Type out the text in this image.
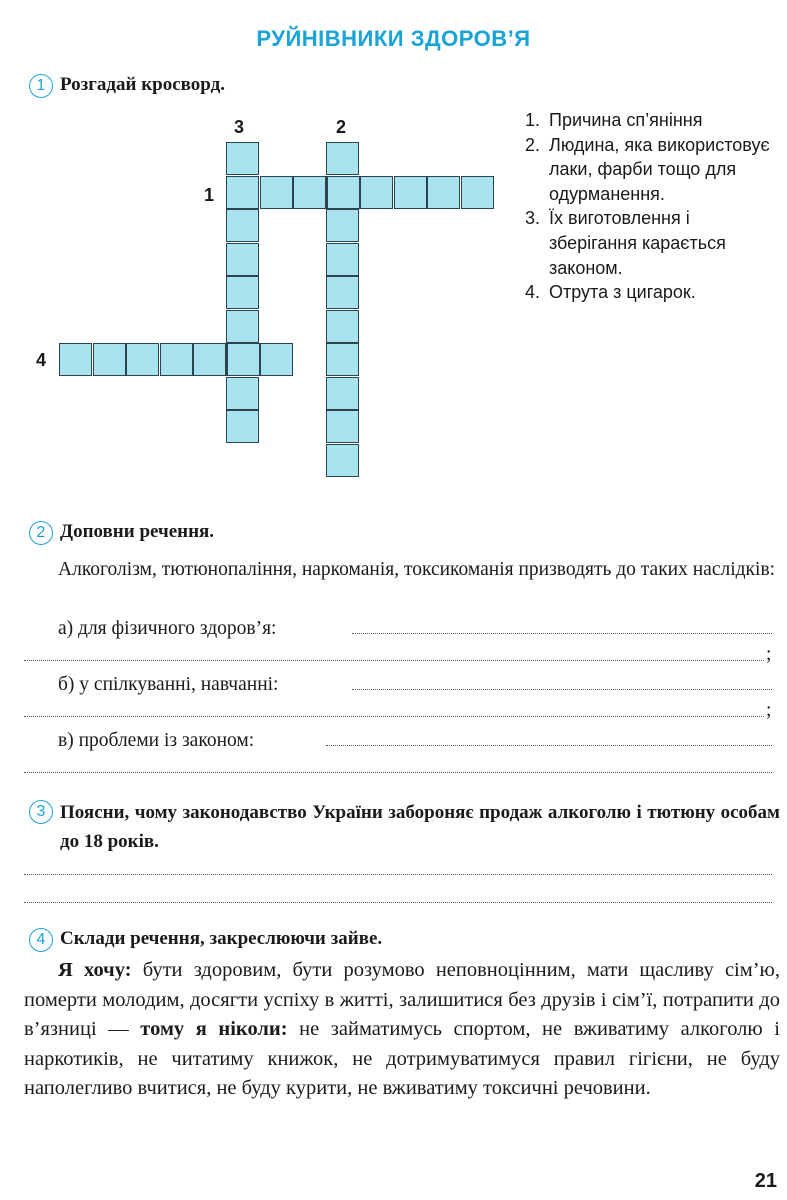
РУЙНІВНИКИ ЗДОРОВ’Я
1 Розгадай кросворд.
3	2
1
4
1. Причина сп’яніння
2. Людина, яка використовує лаки, фарби тощо для одурманення.
3. Їх виготовлення і зберігання карається законом.
4. Отрута з цигарок.
2 Доповни речення.
Алкоголізм, тютюнопаління, наркоманія, токсикоманія призводять до таких наслідків:
а) для фізичного здоров’я:
;
б) у спілкуванні, навчанні:
;
в) проблеми із законом:
3 Поясни, чому законодавство України забороняє продаж алкоголю і тютюну особам до 18 років.
4 Склади речення, закреслюючи зайве.
Я хочу: бути здоровим, бути розумово неповноцінним, мати щасливу сім’ю, померти молодим, досягти успіху в житті, залишитися без друзів і сім’ї, потрапити до в’язниці — тому я ніколи: не займатимусь спортом, не вживатиму алкоголю і наркотиків, не читатиму книжок, не дотримуватимуся правил гігієни, не буду наполегливо вчитися, не буду курити, не вживатиму токсичні речовини.
21
